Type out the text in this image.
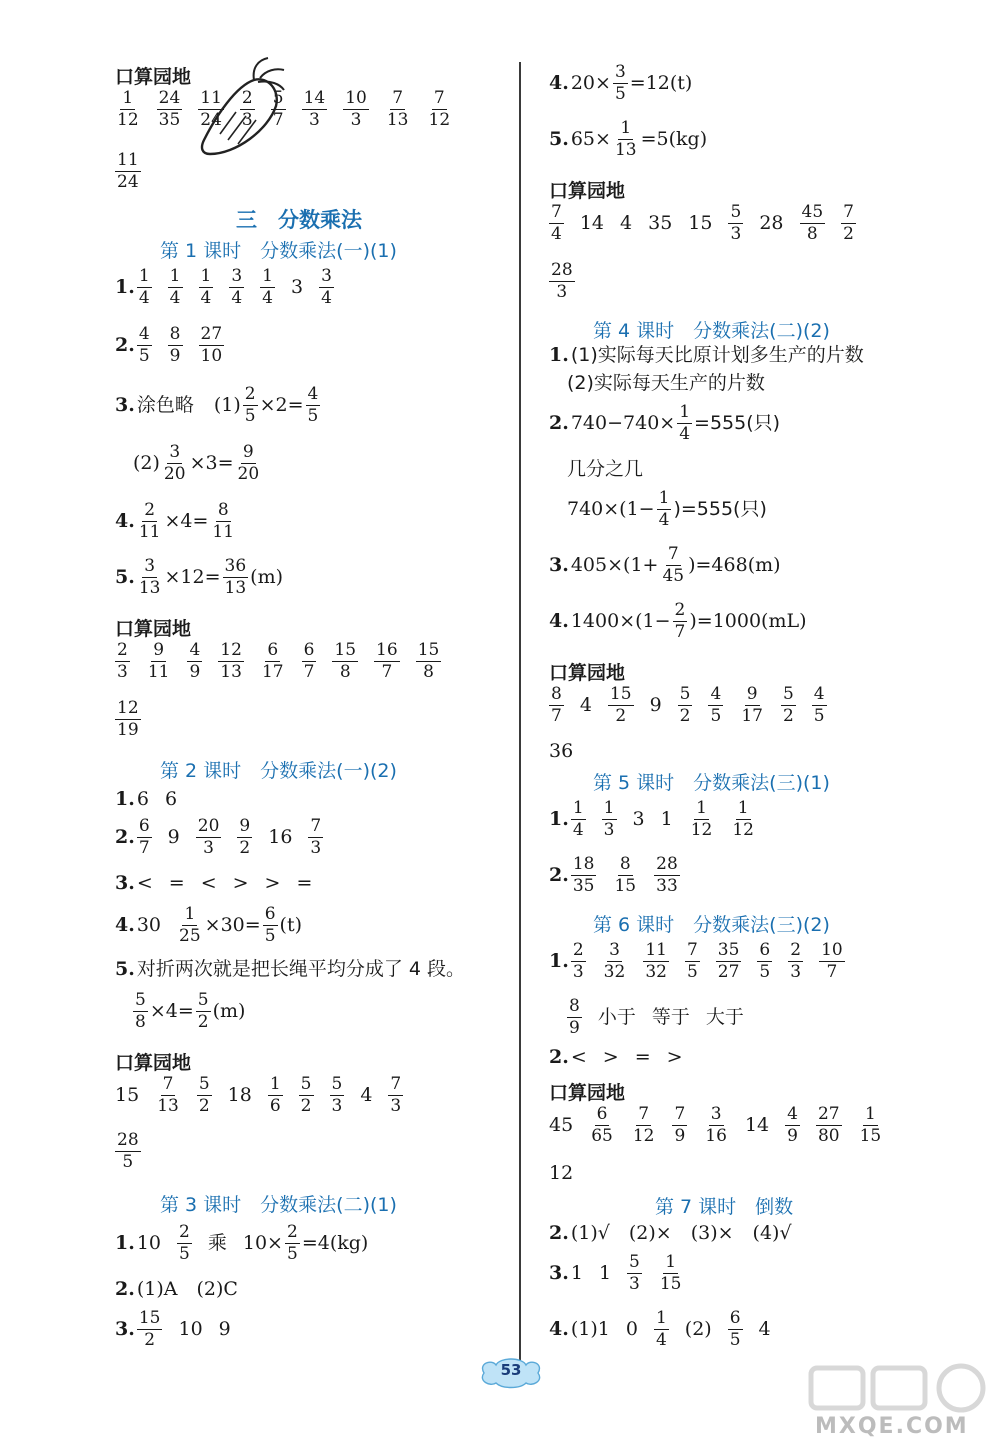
口算园地
$\frac{1}{12} \frac{24}{35} \frac{11}{24} \frac{2}{3} \frac{5}{7} \frac{14}{3} \frac{10}{3} \frac{7}{13} \frac{7}{12}$
$\frac{11}{24}$
三　分数乘法
第 1 课时　分数乘法(一)(1)
1. $\frac{1}{4} \frac{1}{4} \frac{1}{4} \frac{3}{4} \frac{1}{4} 3 \frac{3}{4}$
2. $\frac{4}{5} \frac{8}{9} \frac{27}{10}$
3. 涂色略 $(1) \frac{2}{5} \times 2= \frac{4}{5}$
$(2) \frac{3}{20} \times 3= \frac{9}{20}$
4. $\frac{2}{11} \times 4= \frac{8}{11}$
5. $\frac{3}{13} \times 12= \frac{36}{13} (m)$
口算园地
$\frac{2}{3} \frac{9}{11} \frac{4}{9} \frac{12}{13} \frac{6}{17} \frac{6}{7} \frac{15}{8} \frac{16}{7} \frac{15}{8}$
$\frac{12}{19}$
第 2 课时　分数乘法(一)(2)
1. 6 6
2. $\frac{6}{7} 9 \frac{20}{3} \frac{9}{2} 16 \frac{7}{3}$
3. < = < > > =
4. $30 \frac{1}{25} \times 30= \frac{6}{5} (t)$
5. 对折两次就是把长绳平均分成了 4 段。
$\frac{5}{8} \times 4= \frac{5}{2} (m)$
口算园地
$15 \frac{7}{13} \frac{5}{2} 18 \frac{1}{6} \frac{5}{2} \frac{5}{3} 4 \frac{7}{3}$
$\frac{28}{5}$
第 3 课时　分数乘法(二)(1)
1. $10 \frac{2}{5}$ 乘 $10\times \frac{2}{5} =4(kg)$
2. (1)A　(2)C
3. $\frac{15}{2} 10$ 9
4. $20\times \frac{3}{5} =12(t)$
5. $65\times \frac{1}{13} =5(kg)$
口算园地
$\frac{7}{4} 14$ 4 35 $15 \frac{5}{3} 28 \frac{45}{8} \frac{7}{2}$
$\frac{28}{3}$
第 4 课时　分数乘法(二)(2)
1. (1)实际每天比原计划多生产的片数
(2)实际每天生产的片数
2. $740-740\times \frac{1}{4} =555$(只)
几分之几
$740\times(1- \frac{1}{4} )=555$(只)
3. $405\times(1+ \frac{7}{45} )=468(m)$
4. $1400\times(1- \frac{2}{7} )=1000(mL)$
口算园地
$\frac{8}{7} 4 \frac{15}{2} 9 \frac{5}{2} \frac{4}{5} \frac{9}{17} \frac{5}{2} \frac{4}{5}$
36
第 5 课时　分数乘法(三)(1)
1. $\frac{1}{4} \frac{1}{3} 3$ $1 \frac{1}{12} \frac{1}{12}$
2. $\frac{18}{35} \frac{8}{15} \frac{28}{33}$
第 6 课时　分数乘法(三)(2)
1. $\frac{2}{3} \frac{3}{32} \frac{11}{32} \frac{7}{5} \frac{35}{27} \frac{6}{5} \frac{2}{3} \frac{10}{7}$
$\frac{8}{9}$ 小于 等于 大于
2. < > = >
口算园地
$45 \frac{6}{65} \frac{7}{12} \frac{7}{9} \frac{3}{16} 14 \frac{4}{9} \frac{27}{80} \frac{1}{15}$
12
第 7 课时　倒数
2. (1)√　(2)×　(3)×　(4)√
3. 1 $1 \frac{5}{3} \frac{1}{15}$
4. (1)1 $0 \frac{1}{4} (2) \frac{6}{5} 4$
53
MXQE.COM
